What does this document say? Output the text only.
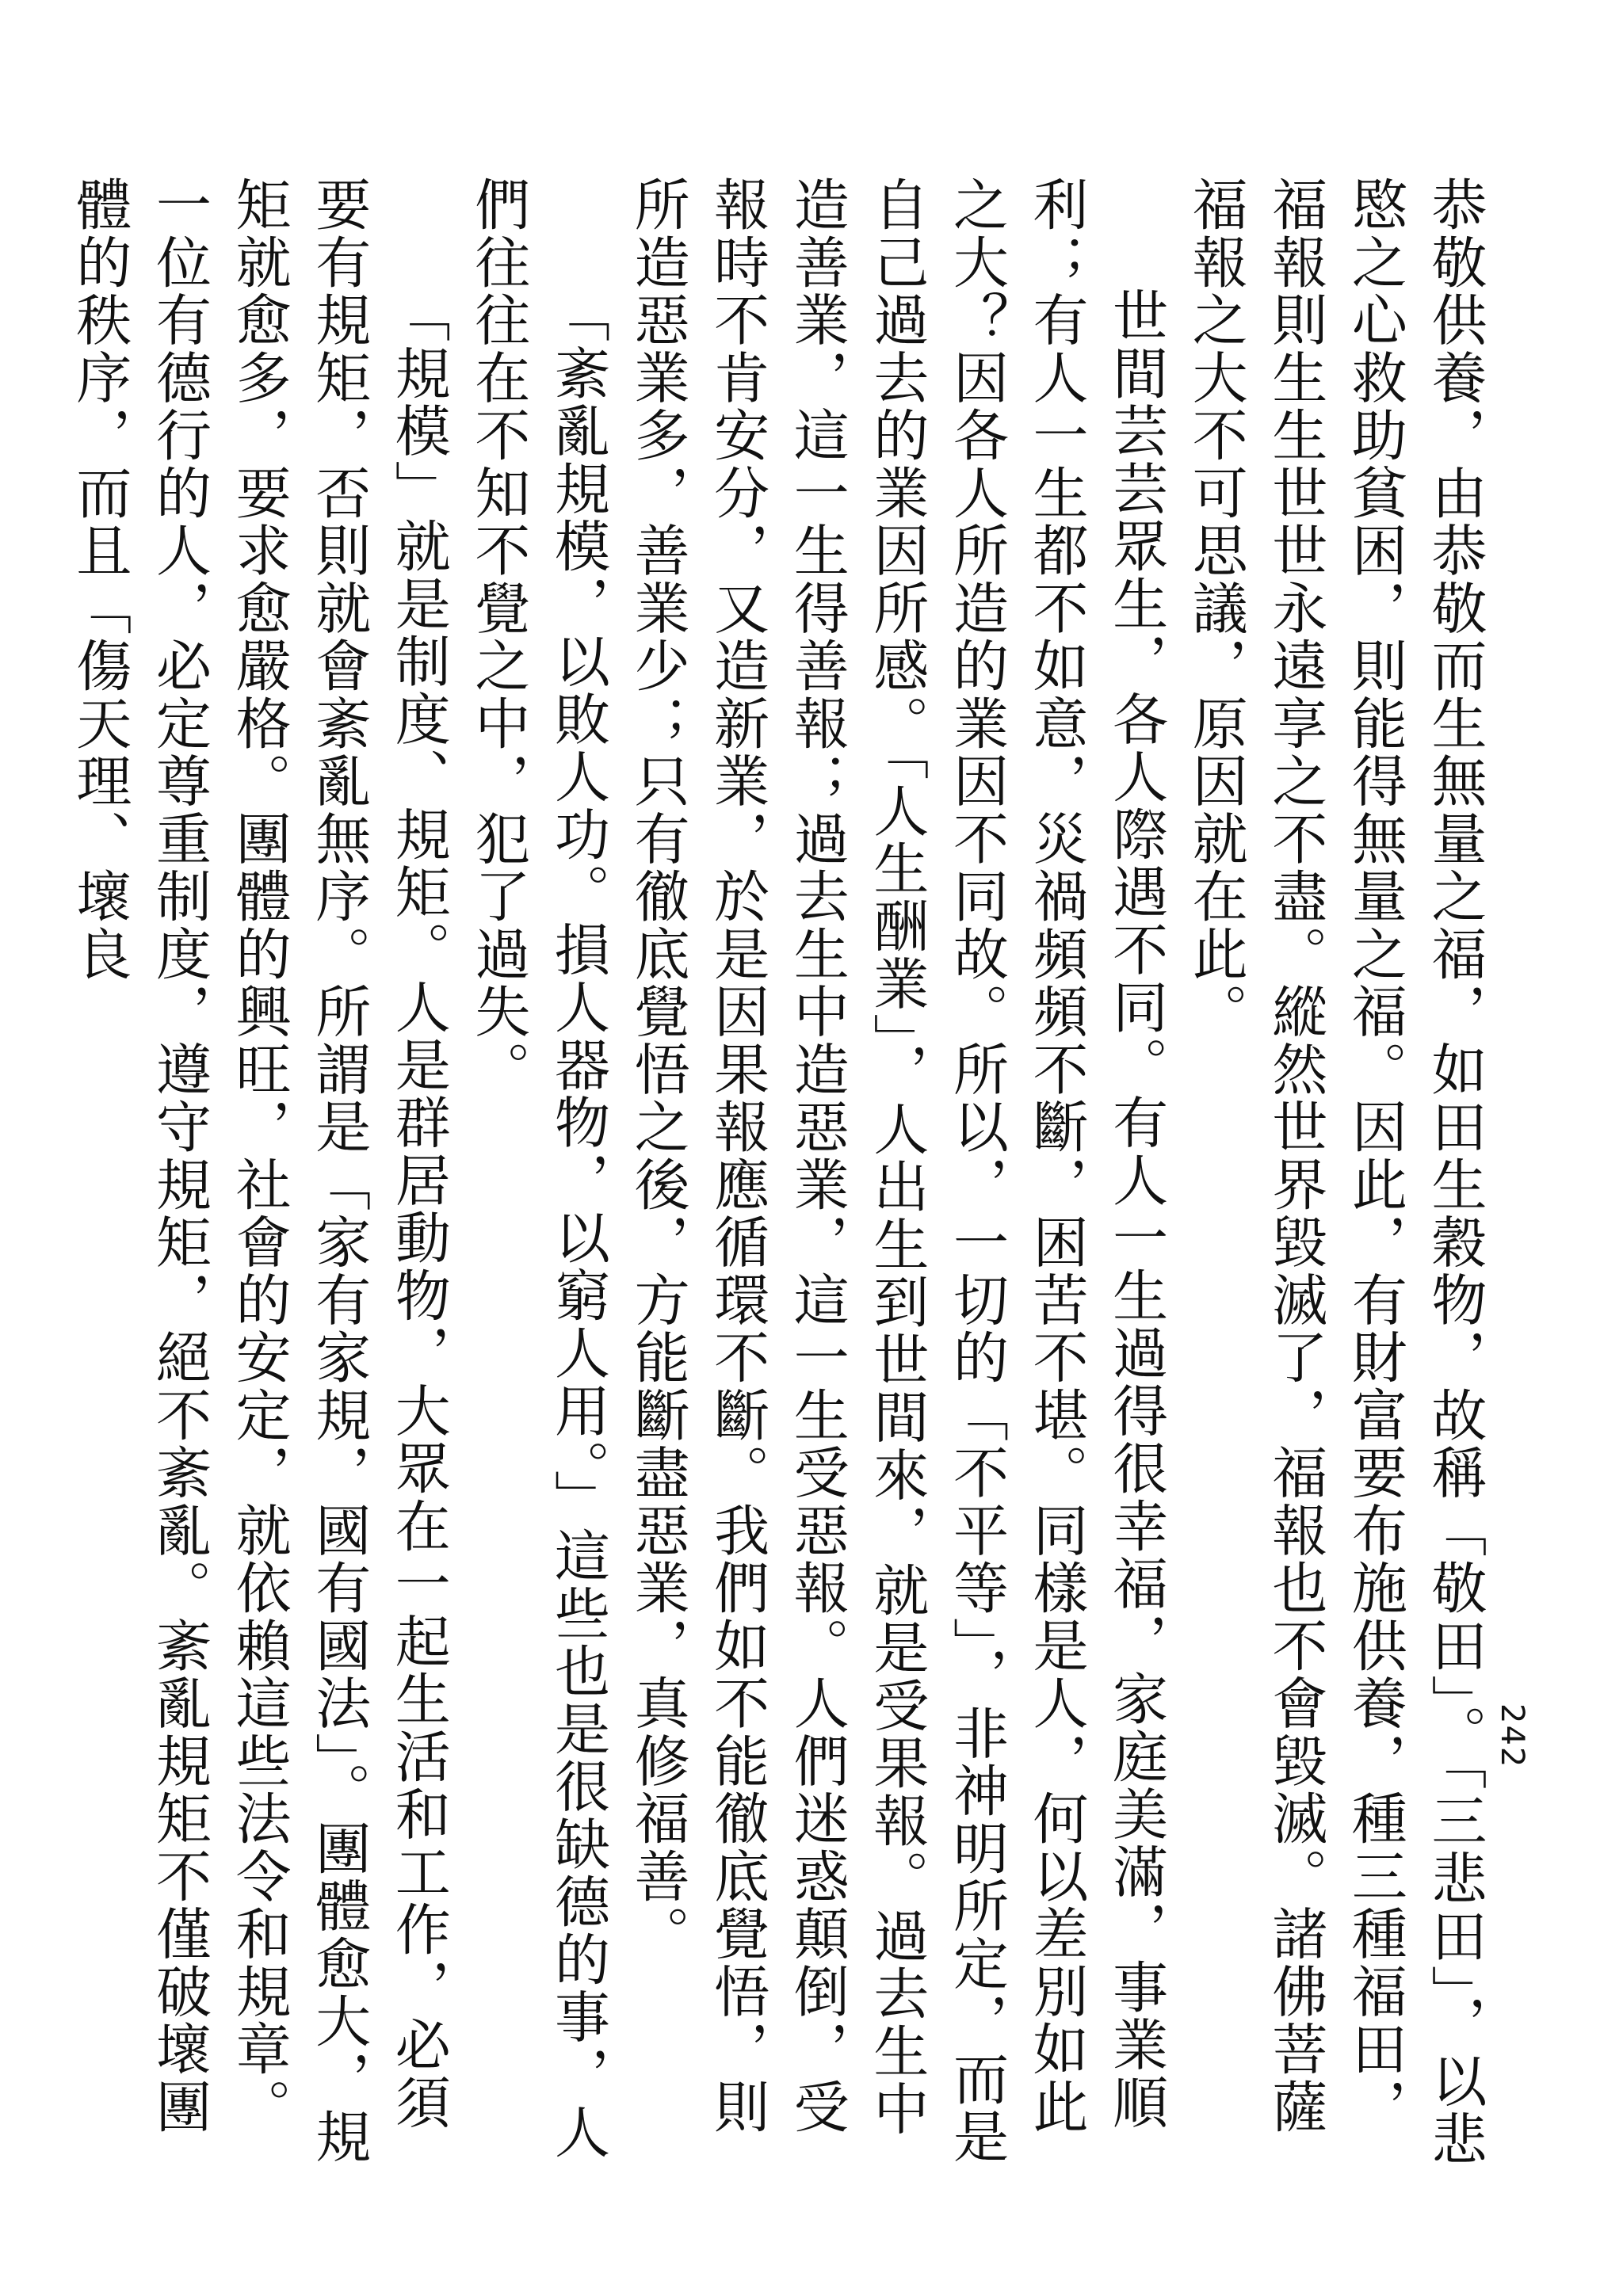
242

恭敬供養，由恭敬而生無量之福，如田生穀物，故稱「敬田」。「三悲田」，以悲愍之心救助貧困，則能得無量之福。因此，有財富要布施供養，種三種福田，福報則生生世世永遠享之不盡。縱然世界毀滅了，福報也不會毀滅。諸佛菩薩福報之大不可思議，原因就在此。

世間芸芸眾生，各人際遇不同。有人一生過得很幸福，家庭美滿，事業順利；有人一生都不如意，災禍頻頻不斷，困苦不堪。同樣是人，何以差別如此之大？因各人所造的業因不同故。所以，一切的「不平等」，非神明所定，而是自己過去的業因所感。「人生酬業」，人出生到世間來，就是受果報。過去生中造善業，這一生得善報；過去生中造惡業，這一生受惡報。人們迷惑顛倒，受報時不肯安分，又造新業，於是因果報應循環不斷。我們如不能徹底覺悟，則所造惡業多，善業少；只有徹底覺悟之後，方能斷盡惡業，真修福善。

「紊亂規模，以敗人功。損人器物，以窮人用。」這些也是很缺德的事，人們往往在不知不覺之中，犯了過失。

「規模」就是制度、規矩。人是群居動物，大眾在一起生活和工作，必須要有規矩，否則就會紊亂無序。所謂是「家有家規，國有國法」。團體愈大，規矩就愈多，要求愈嚴格。團體的興旺，社會的安定，就依賴這些法令和規章。一位有德行的人，必定尊重制度，遵守規矩，絕不紊亂。紊亂規矩不僅破壞團體的秩序，而且「傷天理、壞良
